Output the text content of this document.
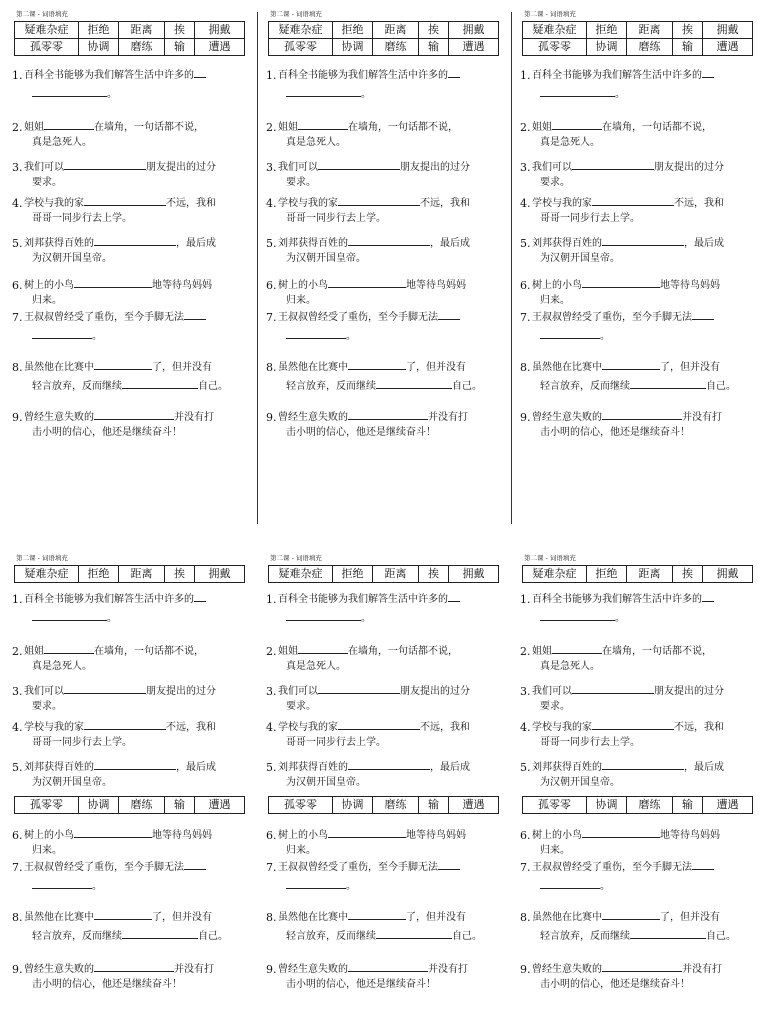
第二课 - 词语填充
疑难杂症	拒绝	距离	挨	拥戴
孤零零	协调	磨练	输	遭遇
1. 百科全书能够为我们解答生活中许多的
。
2. 姐姐	在墙角，一句话都不说，
真是急死人。
3. 我们可以	朋友提出的过分
要求。
4. 学校与我的家	不远，我和
哥哥一同步行去上学。
5. 刘邦获得百姓的	，最后成
为汉朝开国皇帝。
6. 树上的小鸟	地等待鸟妈妈
归来。
7. 王叔叔曾经受了重伤，至今手脚无法
。
8. 虽然他在比赛中	了，但并没有
轻言放弃，反而继续	自己。
9. 曾经生意失败的	并没有打
击小明的信心，他还是继续奋斗！
第二课 - 词语填充
疑难杂症	拒绝	距离	挨	拥戴
孤零零	协调	磨练	输	遭遇
1. 百科全书能够为我们解答生活中许多的
。
2. 姐姐	在墙角，一句话都不说，
真是急死人。
3. 我们可以	朋友提出的过分
要求。
4. 学校与我的家	不远，我和
哥哥一同步行去上学。
5. 刘邦获得百姓的	，最后成
为汉朝开国皇帝。
6. 树上的小鸟	地等待鸟妈妈
归来。
7. 王叔叔曾经受了重伤，至今手脚无法
。
8. 虽然他在比赛中	了，但并没有
轻言放弃，反而继续	自己。
9. 曾经生意失败的	并没有打
击小明的信心，他还是继续奋斗！
第二课 - 词语填充
疑难杂症	拒绝	距离	挨	拥戴
孤零零	协调	磨练	输	遭遇
1. 百科全书能够为我们解答生活中许多的
。
2. 姐姐	在墙角，一句话都不说，
真是急死人。
3. 我们可以	朋友提出的过分
要求。
4. 学校与我的家	不远，我和
哥哥一同步行去上学。
5. 刘邦获得百姓的	，最后成
为汉朝开国皇帝。
6. 树上的小鸟	地等待鸟妈妈
归来。
7. 王叔叔曾经受了重伤，至今手脚无法
。
8. 虽然他在比赛中	了，但并没有
轻言放弃，反而继续	自己。
9. 曾经生意失败的	并没有打
击小明的信心，他还是继续奋斗！
第二课 - 词语填充
疑难杂症	拒绝	距离	挨	拥戴
1. 百科全书能够为我们解答生活中许多的
。
2. 姐姐	在墙角，一句话都不说，
真是急死人。
3. 我们可以	朋友提出的过分
要求。
4. 学校与我的家	不远，我和
哥哥一同步行去上学。
5. 刘邦获得百姓的	，最后成
为汉朝开国皇帝。
孤零零	协调	磨练	输	遭遇
6. 树上的小鸟	地等待鸟妈妈
归来。
7. 王叔叔曾经受了重伤，至今手脚无法
。
8. 虽然他在比赛中	了，但并没有
轻言放弃，反而继续	自己。
9. 曾经生意失败的	并没有打
击小明的信心，他还是继续奋斗！
第二课 - 词语填充
疑难杂症	拒绝	距离	挨	拥戴
1. 百科全书能够为我们解答生活中许多的
。
2. 姐姐	在墙角，一句话都不说，
真是急死人。
3. 我们可以	朋友提出的过分
要求。
4. 学校与我的家	不远，我和
哥哥一同步行去上学。
5. 刘邦获得百姓的	，最后成
为汉朝开国皇帝。
孤零零	协调	磨练	输	遭遇
6. 树上的小鸟	地等待鸟妈妈
归来。
7. 王叔叔曾经受了重伤，至今手脚无法
。
8. 虽然他在比赛中	了，但并没有
轻言放弃，反而继续	自己。
9. 曾经生意失败的	并没有打
击小明的信心，他还是继续奋斗！
第二课 - 词语填充
疑难杂症	拒绝	距离	挨	拥戴
1. 百科全书能够为我们解答生活中许多的
。
2. 姐姐	在墙角，一句话都不说，
真是急死人。
3. 我们可以	朋友提出的过分
要求。
4. 学校与我的家	不远，我和
哥哥一同步行去上学。
5. 刘邦获得百姓的	，最后成
为汉朝开国皇帝。
孤零零	协调	磨练	输	遭遇
6. 树上的小鸟	地等待鸟妈妈
归来。
7. 王叔叔曾经受了重伤，至今手脚无法
。
8. 虽然他在比赛中	了，但并没有
轻言放弃，反而继续	自己。
9. 曾经生意失败的	并没有打
击小明的信心，他还是继续奋斗！
